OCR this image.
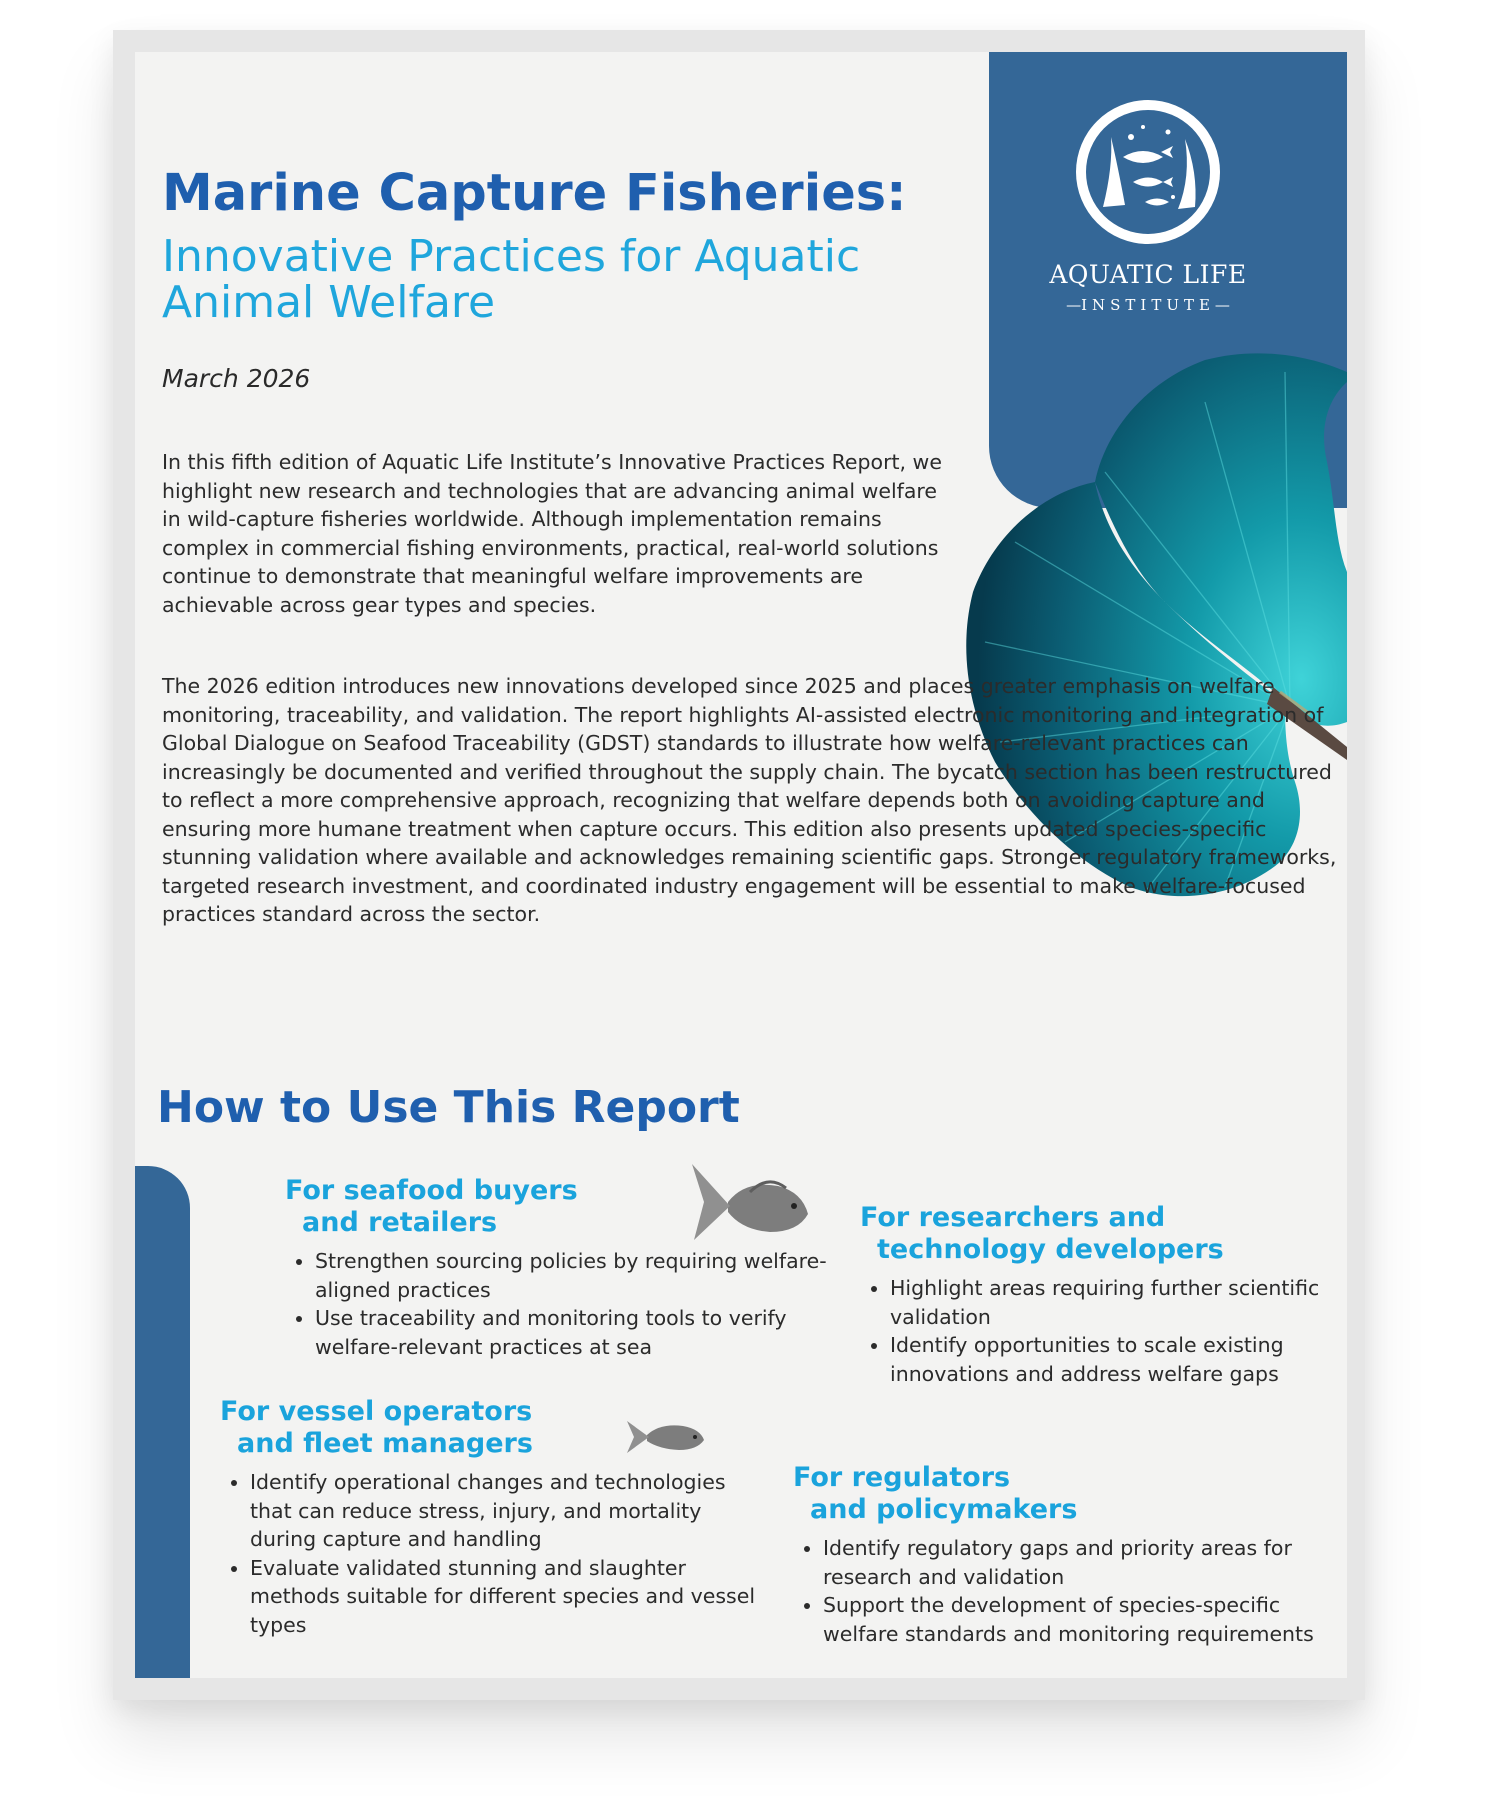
AQUATIC LIFE
—INSTITUTE—
Marine Capture Fisheries:
Innovative Practices for Aquatic Animal Welfare

March 2026

In this fifth edition of Aquatic Life Institute’s Innovative Practices Report, we highlight new research and technologies that are advancing animal welfare in wild-capture fisheries worldwide. Although implementation remains complex in commercial fishing environments, practical, real-world solutions continue to demonstrate that meaningful welfare improvements are achievable across gear types and species.

The 2026 edition introduces new innovations developed since 2025 and places greater emphasis on welfare monitoring, traceability, and validation. The report highlights AI-assisted electronic monitoring and integration of Global Dialogue on Seafood Traceability (GDST) standards to illustrate how welfare-relevant practices can increasingly be documented and verified throughout the supply chain. The bycatch section has been restructured to reflect a more comprehensive approach, recognizing that welfare depends both on avoiding capture and ensuring more humane treatment when capture occurs. This edition also presents updated species-specific stunning validation where available and acknowledges remaining scientific gaps. Stronger regulatory frameworks, targeted research investment, and coordinated industry engagement will be essential to make welfare-focused practices standard across the sector.

How to Use This Report
For seafood buyers
and retailers
• Strengthen sourcing policies by requiring welfare-aligned practices
• Use traceability and monitoring tools to verify welfare-relevant practices at sea
For researchers and
technology developers
• Highlight areas requiring further scientific validation
• Identify opportunities to scale existing innovations and address welfare gaps
For vessel operators
and fleet managers
• Identify operational changes and technologies that can reduce stress, injury, and mortality during capture and handling
• Evaluate validated stunning and slaughter methods suitable for different species and vessel types
For regulators
and policymakers
• Identify regulatory gaps and priority areas for research and validation
• Support the development of species-specific welfare standards and monitoring requirements
